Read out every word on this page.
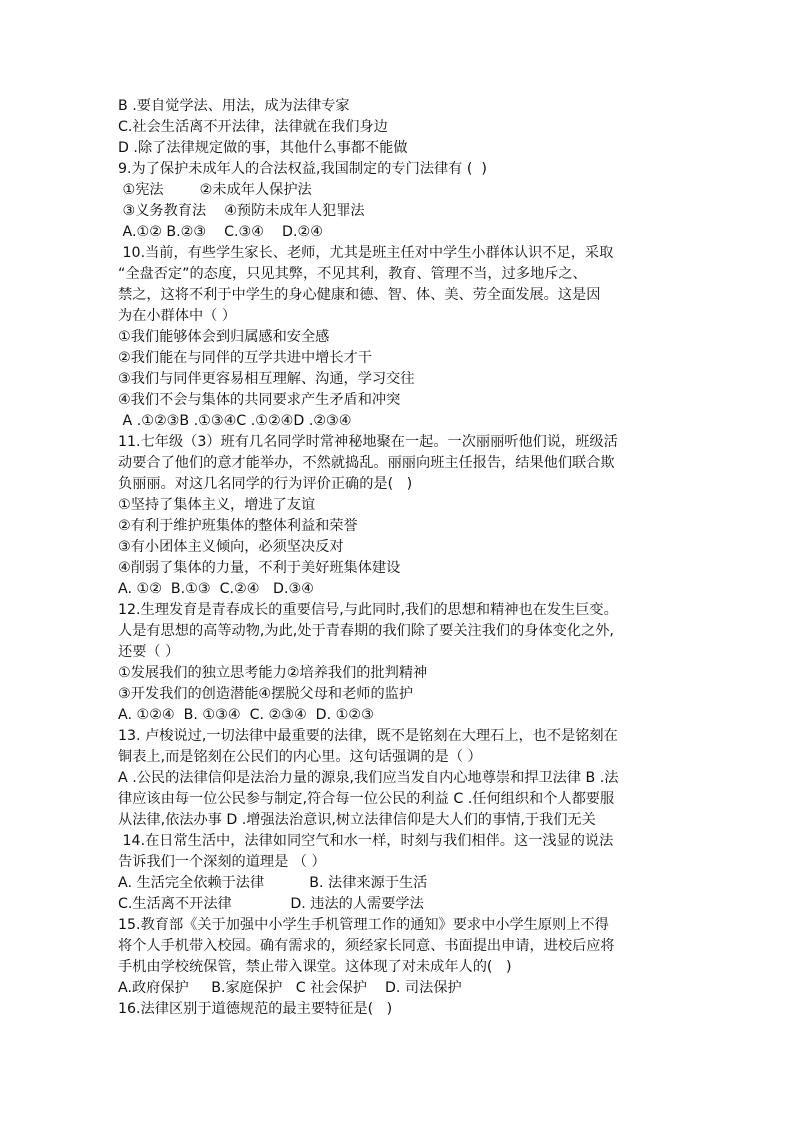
B .要自觉学法、用法，成为法律专家
C.社会生活离不开法律，法律就在我们身边
D .除了法律规定做的事，其他什么事都不能做
9.为了保护未成年人的合法权益,我国制定的专门法律有 (  )
①宪法        ②未成年人保护法
③义务教育法    ④预防未成年人犯罪法
A.①② B.②③    C.③④    D.②④
10.当前，有些学生家长、老师，尤其是班主任对中学生小群体认识不足，采取
“全盘否定”的态度，只见其弊，不见其利，教育、管理不当，过多地斥之、
禁之，这将不利于中学生的身心健康和德、智、体、美、劳全面发展。这是因
为在小群体中（ ）
①我们能够体会到归属感和安全感
②我们能在与同伴的互学共进中增长才干
③我们与同伴更容易相互理解、沟通，学习交往
④我们不会与集体的共同要求产生矛盾和冲突
A .①②③B .①③④C .①②④D .②③④
11.七年级（3）班有几名同学时常神秘地聚在一起。一次丽丽听他们说，班级活
动要合了他们的意才能举办，不然就捣乱。丽丽向班主任报告，结果他们联合欺
负丽丽。对这几名同学的行为评价正确的是(   )
①坚持了集体主义，增进了友谊
②有利于维护班集体的整体利益和荣誉
③有小团体主义倾向，必须坚决反对
④削弱了集体的力量，不利于美好班集体建设
A. ①②  B.①③  C.②④   D.③④
12.生理发育是青春成长的重要信号,与此同时,我们的思想和精神也在发生巨变。
人是有思想的高等动物,为此,处于青春期的我们除了要关注我们的身体变化之外,
还要（ ）
①发展我们的独立思考能力②培养我们的批判精神
③开发我们的创造潜能④摆脱父母和老师的监护
A. ①②④  B. ①③④  C. ②③④  D. ①②③
13. 卢梭说过,一切法律中最重要的法律，既不是铭刻在大理石上，也不是铭刻在
铜表上,而是铭刻在公民们的内心里。这句话强调的是（ ）
A .公民的法律信仰是法治力量的源泉,我们应当发自内心地尊崇和捍卫法律 B .法
律应该由每一位公民参与制定,符合每一位公民的利益 C .任何组织和个人都要服
从法律,依法办事 D .增强法治意识,树立法律信仰是大人们的事情,于我们无关
14.在日常生活中，法律如同空气和水一样，时刻与我们相伴。这一浅显的说法
告诉我们一个深刻的道理是 （ ）
A. 生活完全依赖于法律          B. 法律来源于生活
C.生活离不开法律             D. 违法的人需要学法
15.教育部《关于加强中小学生手机管理工作的通知》要求中小学生原则上不得
将个人手机带入校园。确有需求的，须经家长同意、书面提出申请，进校后应将
手机由学校统保管，禁止带入课堂。这体现了对未成年人的(   )
A.政府保护     B.家庭保护   C 社会保护    D. 司法保护
16.法律区别于道德规范的最主要特征是(   )
